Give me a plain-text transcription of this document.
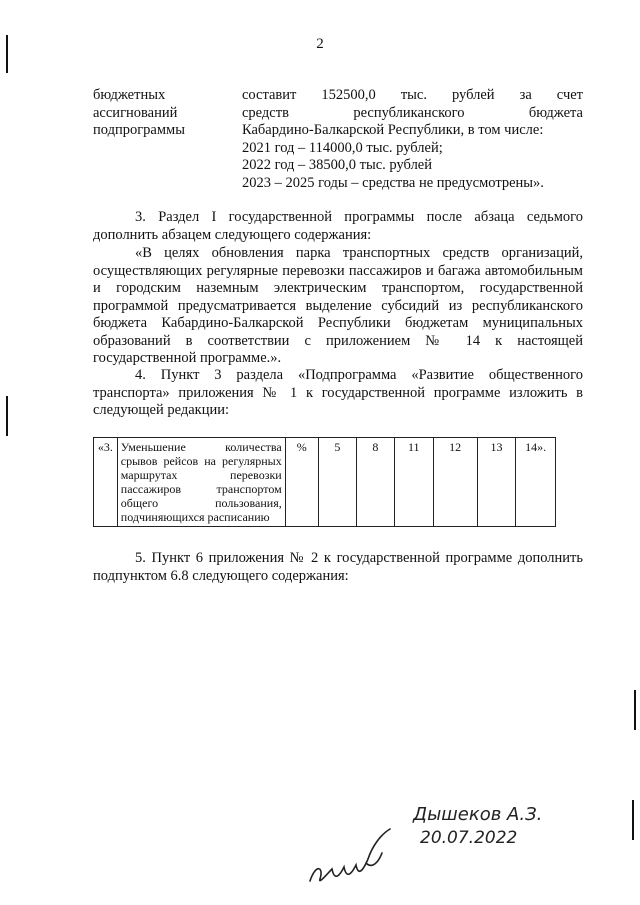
2
бюджетных
ассигнований
подпрограммы
составит 152500,0 тыс. рублей за счет
средств	республиканского	бюджета
Кабардино-Балкарской Республики, в том числе:
2021 год – 114000,0 тыс. рублей;
2022 год – 38500,0 тыс. рублей
2023 – 2025 годы – средства не предусмотрены».
3. Раздел I государственной программы после абзаца седьмого дополнить абзацем следующего содержания:
«В целях обновления парка транспортных средств организаций, осуществляющих регулярные перевозки пассажиров и багажа автомобильным и городским наземным электрическим транспортом, государственной программой предусматривается выделение субсидий из республиканского бюджета Кабардино-Балкарской Республики бюджетам муниципальных образований в соответствии с приложением № 14 к настоящей государственной программе.».
4. Пункт 3 раздела «Подпрограмма «Развитие общественного транспорта» приложения № 1 к государственной программе изложить в следующей редакции:
«3.	Уменьшение количества срывов рейсов на регулярных маршрутах перевозки пассажиров транспортом общего пользования, подчиняющихся расписанию	%	5	8	11	12	13	14».
5. Пункт 6 приложения № 2 к государственной программе дополнить подпунктом 6.8 следующего содержания:
Дышеков А.З.
20.07.2022
